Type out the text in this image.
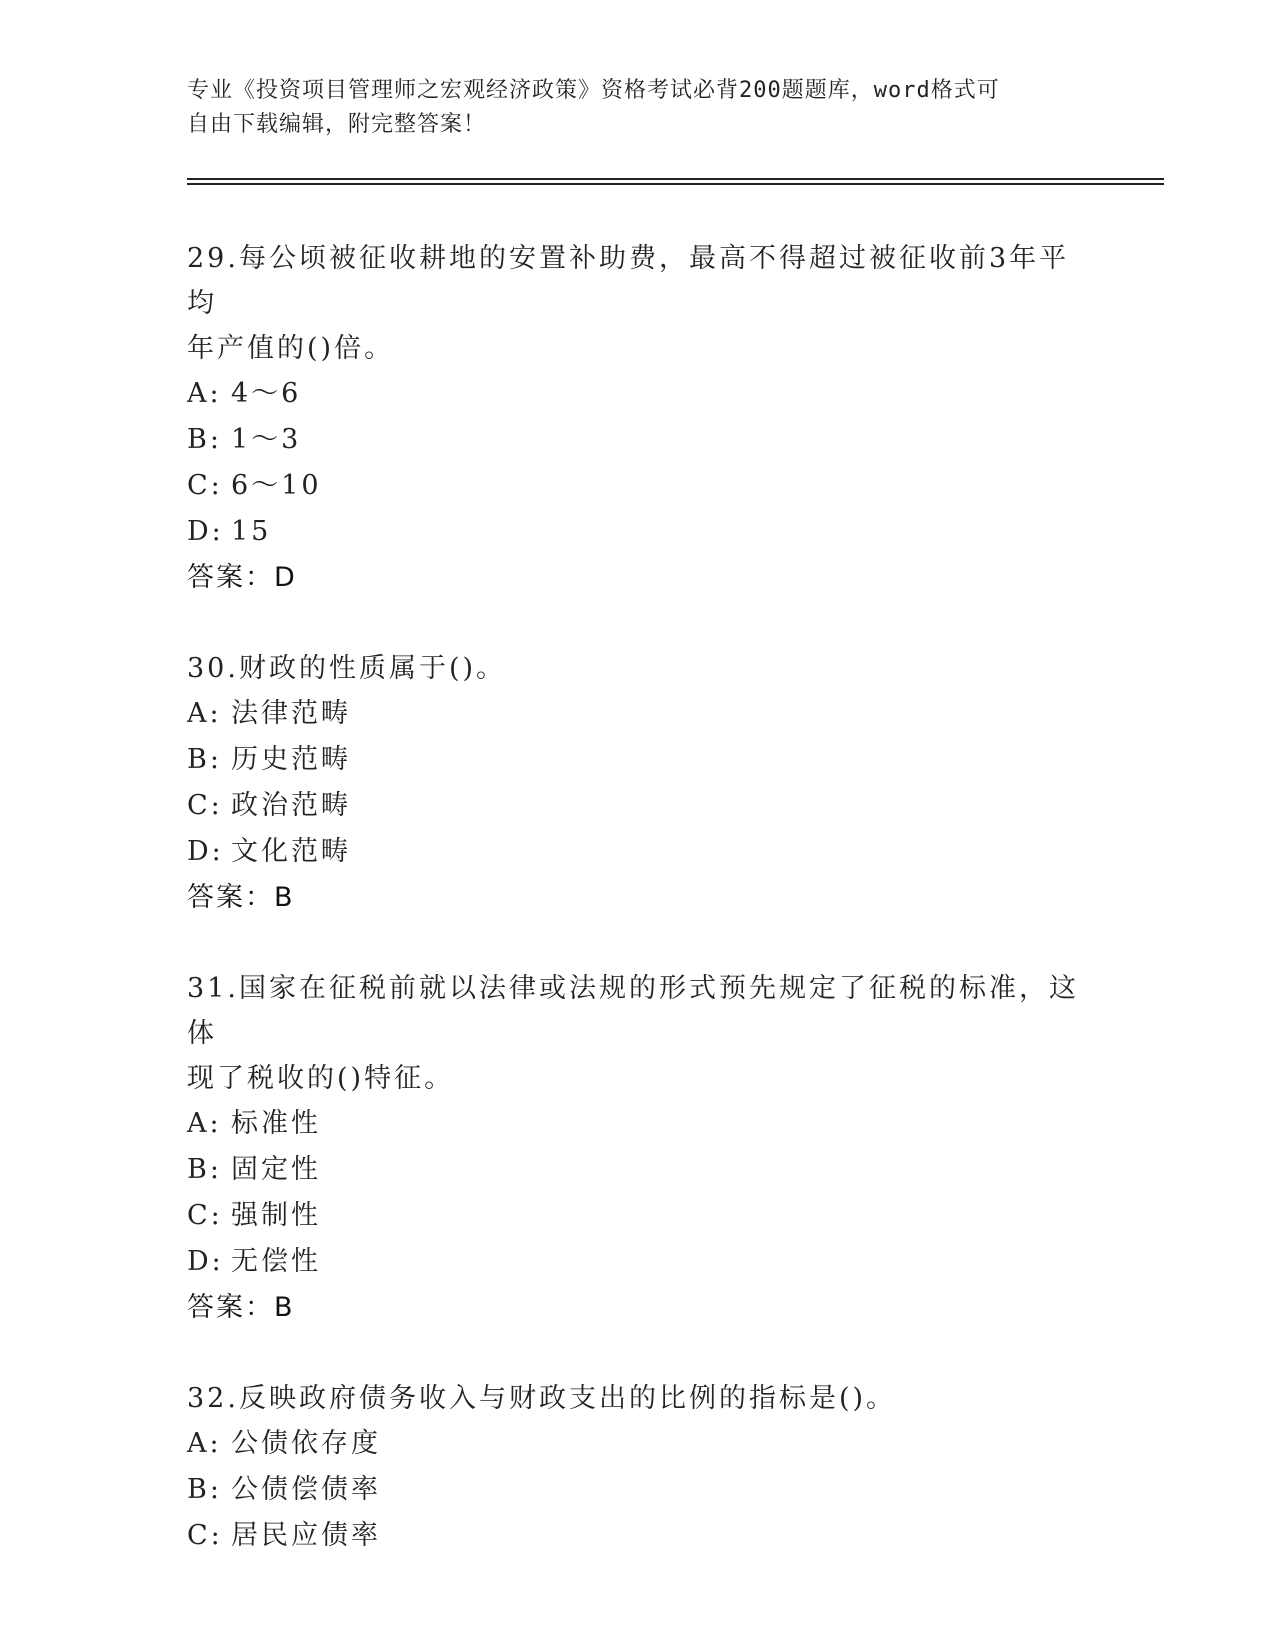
专业《投资项目管理师之宏观经济政策》资格考试必背200题题库，word格式可
自由下载编辑，附完整答案！

29.每公顷被征收耕地的安置补助费，最高不得超过被征收前3年平均

年产值的()倍。

A: 4～6

B: 1～3

C: 6～10

D: 15

答案：D

30.财政的性质属于()。

A: 法律范畴

B: 历史范畴

C: 政治范畴

D: 文化范畴

答案：B

31.国家在征税前就以法律或法规的形式预先规定了征税的标准，这体

现了税收的()特征。

A: 标准性

B: 固定性

C: 强制性

D: 无偿性

答案：B

32.反映政府债务收入与财政支出的比例的指标是()。

A: 公债依存度

B: 公债偿债率

C: 居民应债率
